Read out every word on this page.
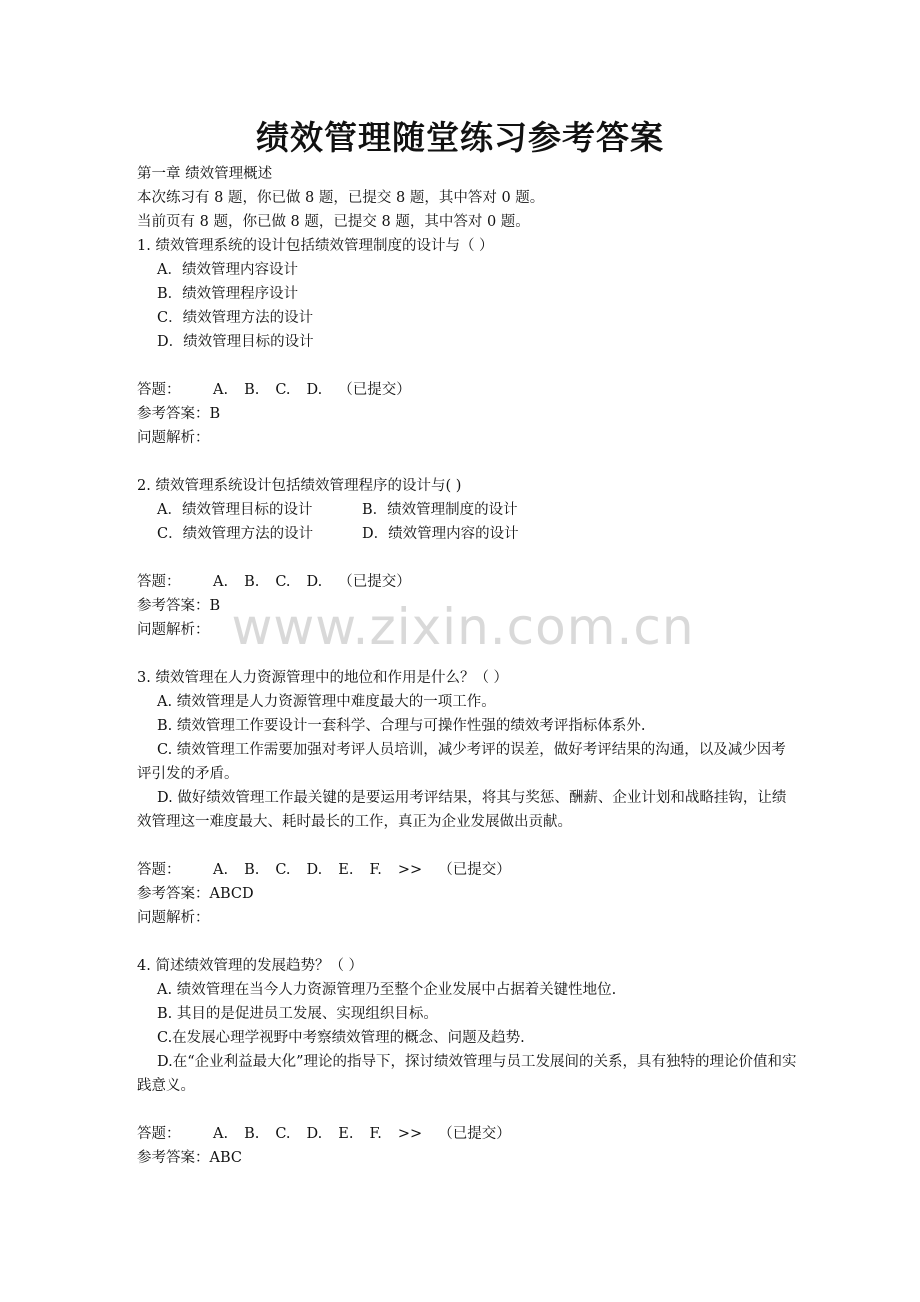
绩效管理随堂练习参考答案
www.zixin.com.cn
第一章 绩效管理概述
本次练习有 8 题，你已做 8 题，已提交 8 题，其中答对 0 题。
当前页有 8 题，你已做 8 题，已提交 8 题，其中答对 0 题。
1. 绩效管理系统的设计包括绩效管理制度的设计与（ ）
A．绩效管理内容设计
B．绩效管理程序设计
C．绩效管理方法的设计
D．绩效管理目标的设计
答题： A. B. C. D. （已提交）
参考答案：B
问题解析：
2. 绩效管理系统设计包括绩效管理程序的设计与( )
A．绩效管理目标的设计	B．绩效管理制度的设计
C．绩效管理方法的设计	D．绩效管理内容的设计
答题： A. B. C. D. （已提交）
参考答案：B
问题解析：
3. 绩效管理在人力资源管理中的地位和作用是什么？（ ）
A. 绩效管理是人力资源管理中难度最大的一项工作。
B. 绩效管理工作要设计一套科学、合理与可操作性强的绩效考评指标体系外.
C. 绩效管理工作需要加强对考评人员培训，减少考评的误差，做好考评结果的沟通，以及减少因考评引发的矛盾。
D. 做好绩效管理工作最关键的是要运用考评结果，将其与奖惩、酬薪、企业计划和战略挂钩，让绩效管理这一难度最大、耗时最长的工作，真正为企业发展做出贡献。
答题： A. B. C. D. E. F. >> （已提交）
参考答案：ABCD
问题解析：
4. 简述绩效管理的发展趋势？（ ）
A. 绩效管理在当今人力资源管理乃至整个企业发展中占据着关键性地位.
B. 其目的是促进员工发展、实现组织目标。
C.在发展心理学视野中考察绩效管理的概念、问题及趋势.
D.在“企业利益最大化”理论的指导下，探讨绩效管理与员工发展间的关系，具有独特的理论价值和实践意义。
答题： A. B. C. D. E. F. >> （已提交）
参考答案：ABC
